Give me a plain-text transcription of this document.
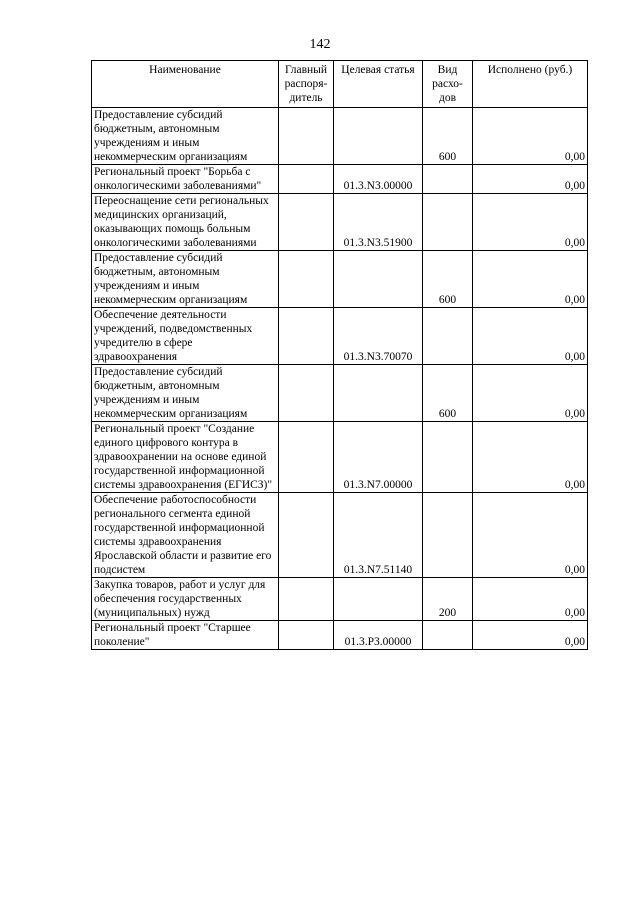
142
Наименование	Главный распоря-дитель	Целевая статья	Вид расхо-дов	Исполнено (руб.)
Предоставление субсидий бюджетным, автономным учреждениям и иным некоммерческим организациям			600	0,00
Региональный проект "Борьба с онкологическими заболеваниями"		01.3.N3.00000		0,00
Переоснащение сети региональных медицинских организаций, оказывающих помощь больным онкологическими заболеваниями		01.3.N3.51900		0,00
Предоставление субсидий бюджетным, автономным учреждениям и иным некоммерческим организациям			600	0,00
Обеспечение деятельности учреждений, подведомственных учредителю в сфере здравоохранения		01.3.N3.70070		0,00
Предоставление субсидий бюджетным, автономным учреждениям и иным некоммерческим организациям			600	0,00
Региональный проект "Создание единого цифрового контура в здравоохранении на основе единой государственной информационной системы здравоохранения (ЕГИСЗ)"		01.3.N7.00000		0,00
Обеспечение работоспособности регионального сегмента единой государственной информационной системы здравоохранения Ярославской области и развитие его подсистем		01.3.N7.51140		0,00
Закупка товаров, работ и услуг для обеспечения государственных (муниципальных) нужд			200	0,00
Региональный проект "Старшее поколение"		01.3.P3.00000		0,00
